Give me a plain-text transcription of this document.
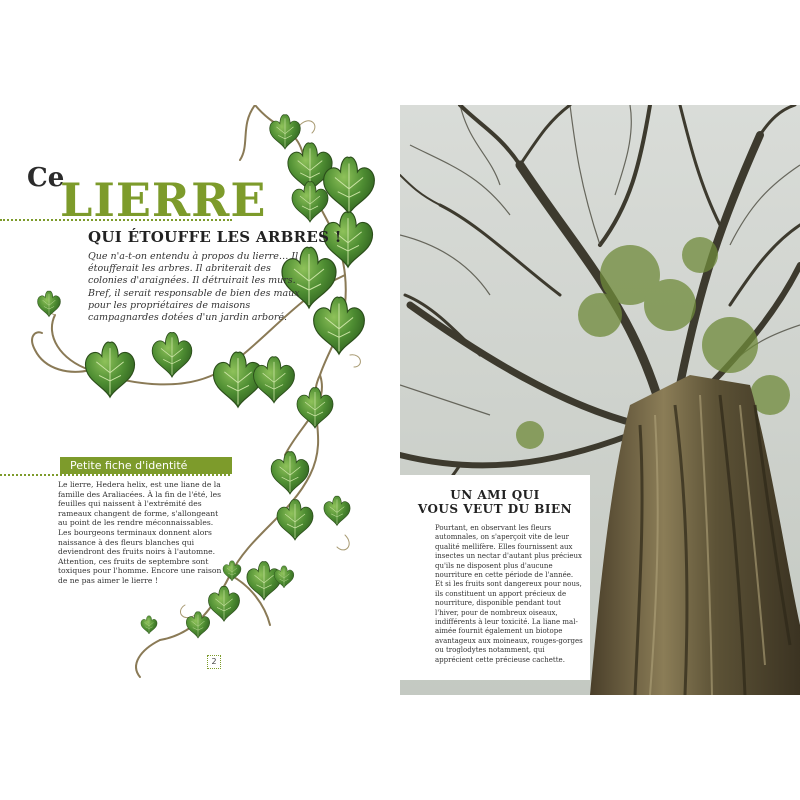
Ce
LIERRE
QUI ÉTOUFFE LES ARBRES !

Que n'a-t-on entendu à propos du lierre… Il étoufferait les arbres. Il abriterait des colonies d'araignées. Il détruirait les murs. Bref, il serait responsable de bien des maux pour les propriétaires de maisons campagnardes dotées d'un jardin arboré.

Petite fiche d'identité

Le lierre, Hedera helix, est une liane de la famille des Araliacées. À la fin de l'été, les feuilles qui naissent à l'extrémité des rameaux changent de forme, s'allongeant au point de les rendre méconnaissables. Les bourgeons terminaux donnent alors naissance à des fleurs blanches qui deviendront des fruits noirs à l'automne. Attention, ces fruits de septembre sont toxiques pour l'homme. Encore une raison de ne pas aimer le lierre !

2
UN AMI QUI
VOUS VEUT DU BIEN

Pourtant, en observant les fleurs automnales, on s'aperçoit vite de leur qualité mellifère. Elles fournissent aux insectes un nectar d'autant plus précieux qu'ils ne disposent plus d'aucune nourriture en cette période de l'année. Et si les fruits sont dangereux pour nous, ils constituent un apport précieux de nourriture, disponible pendant tout l'hiver, pour de nombreux oiseaux, indifférents à leur toxicité. La liane mal-aimée fournit également un biotope avantageux aux moineaux, rouges-gorges ou troglodytes notamment, qui apprécient cette précieuse cachette.
